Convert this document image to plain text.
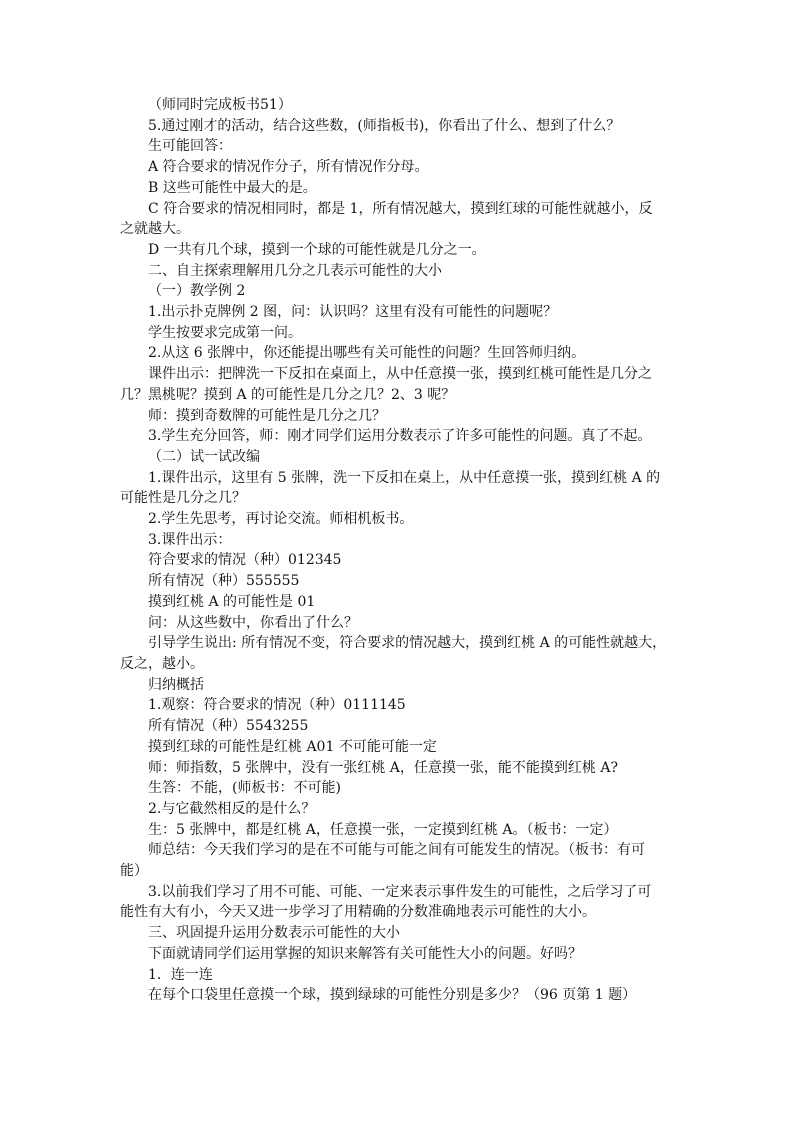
（师同时完成板书51）
5.通过刚才的活动，结合这些数，(师指板书)，你看出了什么、想到了什么？
生可能回答：
A 符合要求的情况作分子，所有情况作分母。
B 这些可能性中最大的是。
C 符合要求的情况相同时，都是 1，所有情况越大，摸到红球的可能性就越小，反
之就越大。
D 一共有几个球，摸到一个球的可能性就是几分之一。
二、自主探索理解用几分之几表示可能性的大小
（一）教学例 2
1.出示扑克牌例 2 图，问：认识吗？这里有没有可能性的问题呢？
学生按要求完成第一问。
2.从这 6 张牌中，你还能提出哪些有关可能性的问题？生回答师归纳。
课件出示：把牌洗一下反扣在桌面上，从中任意摸一张，摸到红桃可能性是几分之
几？黑桃呢？摸到 A 的可能性是几分之几？2、3 呢？
师：摸到奇数牌的可能性是几分之几？
3.学生充分回答，师：刚才同学们运用分数表示了许多可能性的问题。真了不起。
（二）试一试改编
1.课件出示，这里有 5 张牌，洗一下反扣在桌上，从中任意摸一张，摸到红桃 A 的
可能性是几分之几？
2.学生先思考，再讨论交流。师相机板书。
3.课件出示：
符合要求的情况（种）012345
所有情况（种）555555
摸到红桃 A 的可能性是 01
问：从这些数中，你看出了什么？
引导学生说出: 所有情况不变，符合要求的情况越大，摸到红桃 A 的可能性就越大，
反之，越小。
归纳概括
1.观察：符合要求的情况（种）0111145
所有情况（种）5543255
摸到红球的可能性是红桃 A01 不可能可能一定
师：师指数，5 张牌中，没有一张红桃 A，任意摸一张，能不能摸到红桃 A?
生答：不能，(师板书：不可能)
2.与它截然相反的是什么？
生：5 张牌中，都是红桃 A，任意摸一张，一定摸到红桃 A。（板书：一定）
师总结：今天我们学习的是在不可能与可能之间有可能发生的情况。（板书：有可
能）
3.以前我们学习了用不可能、可能、一定来表示事件发生的可能性，之后学习了可
能性有大有小，今天又进一步学习了用精确的分数准确地表示可能性的大小。
三、巩固提升运用分数表示可能性的大小
下面就请同学们运用掌握的知识来解答有关可能性大小的问题。好吗？
1．连一连
在每个口袋里任意摸一个球，摸到绿球的可能性分别是多少？（96 页第 1 题）
